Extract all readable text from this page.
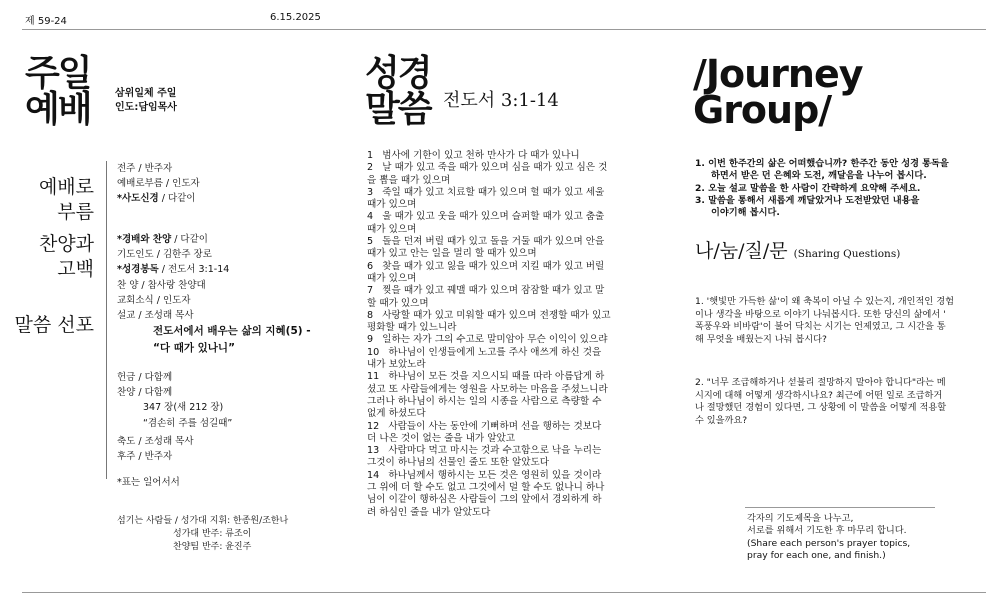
제 59-24	6.15.2025
주일
예배 삼위일체 주일
인도:담임목사
예배로 부름
찬양과 고백
말씀 선포
전주 / 반주자
예배로부름 / 인도자
*사도신경 / 다같이
*경배와 찬양 / 다같이
기도인도 / 김한주 장로
*성경봉독 / 전도서 3:1-14
찬 양 / 참사랑 찬양대
교회소식 / 인도자
설교 / 조성래 목사
전도서에서 배우는 삶의 지혜(5) -
“다 때가 있나니”
헌금 / 다함께
찬양 / 다함께
347 장(새 212 장)
“겸손히 주를 섬길때”
축도 / 조성래 목사
후주 / 반주자
*표는 일어서서
섬기는 사람들 / 성가대 지휘: 한종원/조한나
성가대 반주: 류조이
찬양팀 반주: 윤진주
성경
말씀 전도서 3:1-14
1   범사에 기한이 있고 천하 만사가 다 때가 있나니
2   날 때가 있고 죽을 때가 있으며 심을 때가 있고 심은 것
을 뽑을 때가 있으며
3   죽일 때가 있고 치료할 때가 있으며 헐 때가 있고 세울
때가 있으며
4   울 때가 있고 웃을 때가 있으며 슬퍼할 때가 있고 춤출
때가 있으며
5   돌을 던져 버릴 때가 있고 돌을 거둘 때가 있으며 안을
때가 있고 안는 일을 멀리 할 때가 있으며
6   찾을 때가 있고 잃을 때가 있으며 지킬 때가 있고 버릴
때가 있으며
7   찢을 때가 있고 꿰맬 때가 있으며 잠잠할 때가 있고 말
할 때가 있으며
8   사랑할 때가 있고 미워할 때가 있으며 전쟁할 때가 있고
평화할 때가 있느니라
9   일하는 자가 그의 수고로 말미암아 무슨 이익이 있으랴
10   하나님이 인생들에게 노고를 주사 애쓰게 하신 것을
내가 보았노라
11   하나님이 모든 것을 지으시되 때를 따라 아름답게 하
셨고 또 사람들에게는 영원을 사모하는 마음을 주셨느니라
그러나 하나님이 하시는 일의 시종을 사람으로 측량할 수
없게 하셨도다
12   사람들이 사는 동안에 기뻐하며 선을 행하는 것보다
더 나은 것이 없는 줄을 내가 알았고
13   사람마다 먹고 마시는 것과 수고함으로 낙을 누리는
그것이 하나님의 선물인 줄도 또한 알았도다
14   하나님께서 행하시는 모든 것은 영원히 있을 것이라
그 위에 더 할 수도 없고 그것에서 덜 할 수도 없나니 하나
님이 이같이 행하심은 사람들이 그의 앞에서 경외하게 하
려 하심인 줄을 내가 알았도다
/Journey
Group/
1. 이번 한주간의 삶은 어떠했습니까? 한주간 동안 성경 통독을
하면서 받은 던 은혜와 도전, 깨달음을 나누어 봅시다.
2. 오늘 설교 말씀을 한 사람이 간략하게 요약해 주세요.
3. 말씀을 통해서 새롭게 깨달았거나 도전받았던 내용을
이야기해 봅시다.
나/눔/질/문 (Sharing Questions)
1. '햇빛만 가득한 삶'이 왜 축복이 아닐 수 있는지, 개인적인 경험
이나 생각을 바탕으로 이야기 나눠봅시다. 또한 당신의 삶에서 '
폭풍우와 비바람'이 불어 닥치는 시기는 언제였고, 그 시간을 통
해 무엇을 배웠는지 나눠 봅시다?
2. "너무 조급해하거나 섣불리 절망하지 말아야 합니다"라는 메
시지에 대해 어떻게 생각하시나요? 최근에 어떤 일로 조급하거
나 절망했던 경험이 있다면, 그 상황에 이 말씀을 어떻게 적용할
수 있을까요?
각자의 기도제목을 나누고,
서로를 위해서 기도한 후 마무리 합니다.
(Share each person's prayer topics,
pray for each one, and finish.)
